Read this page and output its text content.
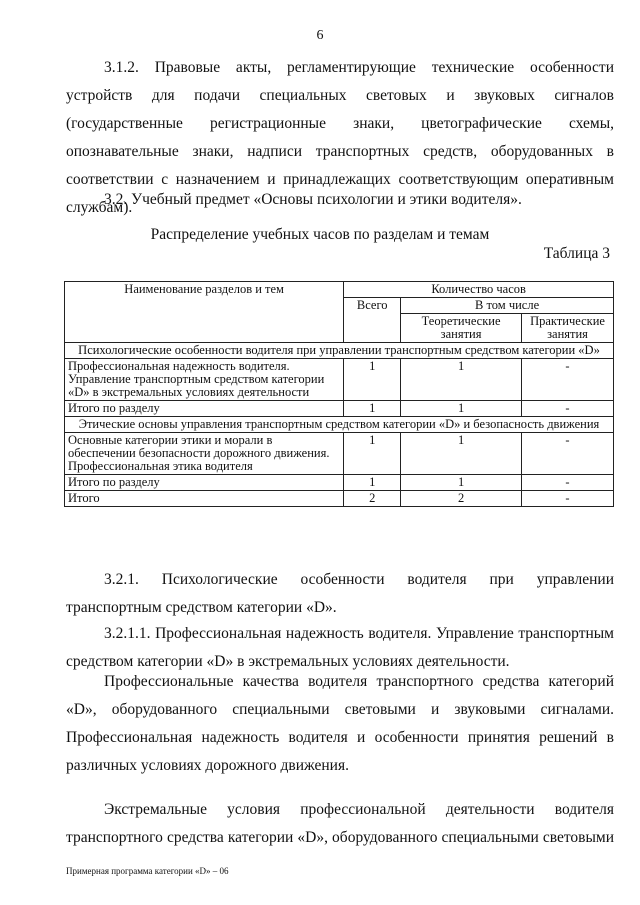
6

3.1.2. Правовые акты, регламентирующие технические особенности устройств для подачи специальных световых и звуковых сигналов (государственные регистрационные знаки, цветографические схемы, опознавательные знаки, надписи транспортных средств, оборудованных в соответствии с назначением и принадлежащих соответствующим оперативным службам).

3.2. Учебный предмет «Основы психологии и этики водителя».

Распределение учебных часов по разделам и темам
Таблица 3
Наименование разделов и тем	Количество часов		
	Всего	В том числе	
		Теоретические занятия	Практические занятия
Психологические особенности водителя при управлении транспортным средством категории «D»			
Профессиональная надежность водителя. Управление транспортным средством категории «D» в экстремальных условиях деятельности	1	1	-
Итого по разделу	1	1	-
Этические основы управления транспортным средством категории «D» и безопасность движения			
Основные категории этики и морали в обеспечении безопасности дорожного движения. Профессиональная этика водителя	1	1	-
Итого по разделу	1	1	-
Итого	2	2	-

3.2.1. Психологические особенности водителя при управлении транспортным средством категории «D».

3.2.1.1. Профессиональная надежность водителя. Управление транспортным средством категории «D» в экстремальных условиях деятельности.

Профессиональные качества водителя транспортного средства категорий «D», оборудованного специальными световыми и звуковыми сигналами. Профессиональная надежность водителя и особенности принятия решений в различных условиях дорожного движения.

Экстремальные условия профессиональной деятельности водителя транспортного средства категории «D», оборудованного специальными световыми

Примерная программа категории «D» – 06
